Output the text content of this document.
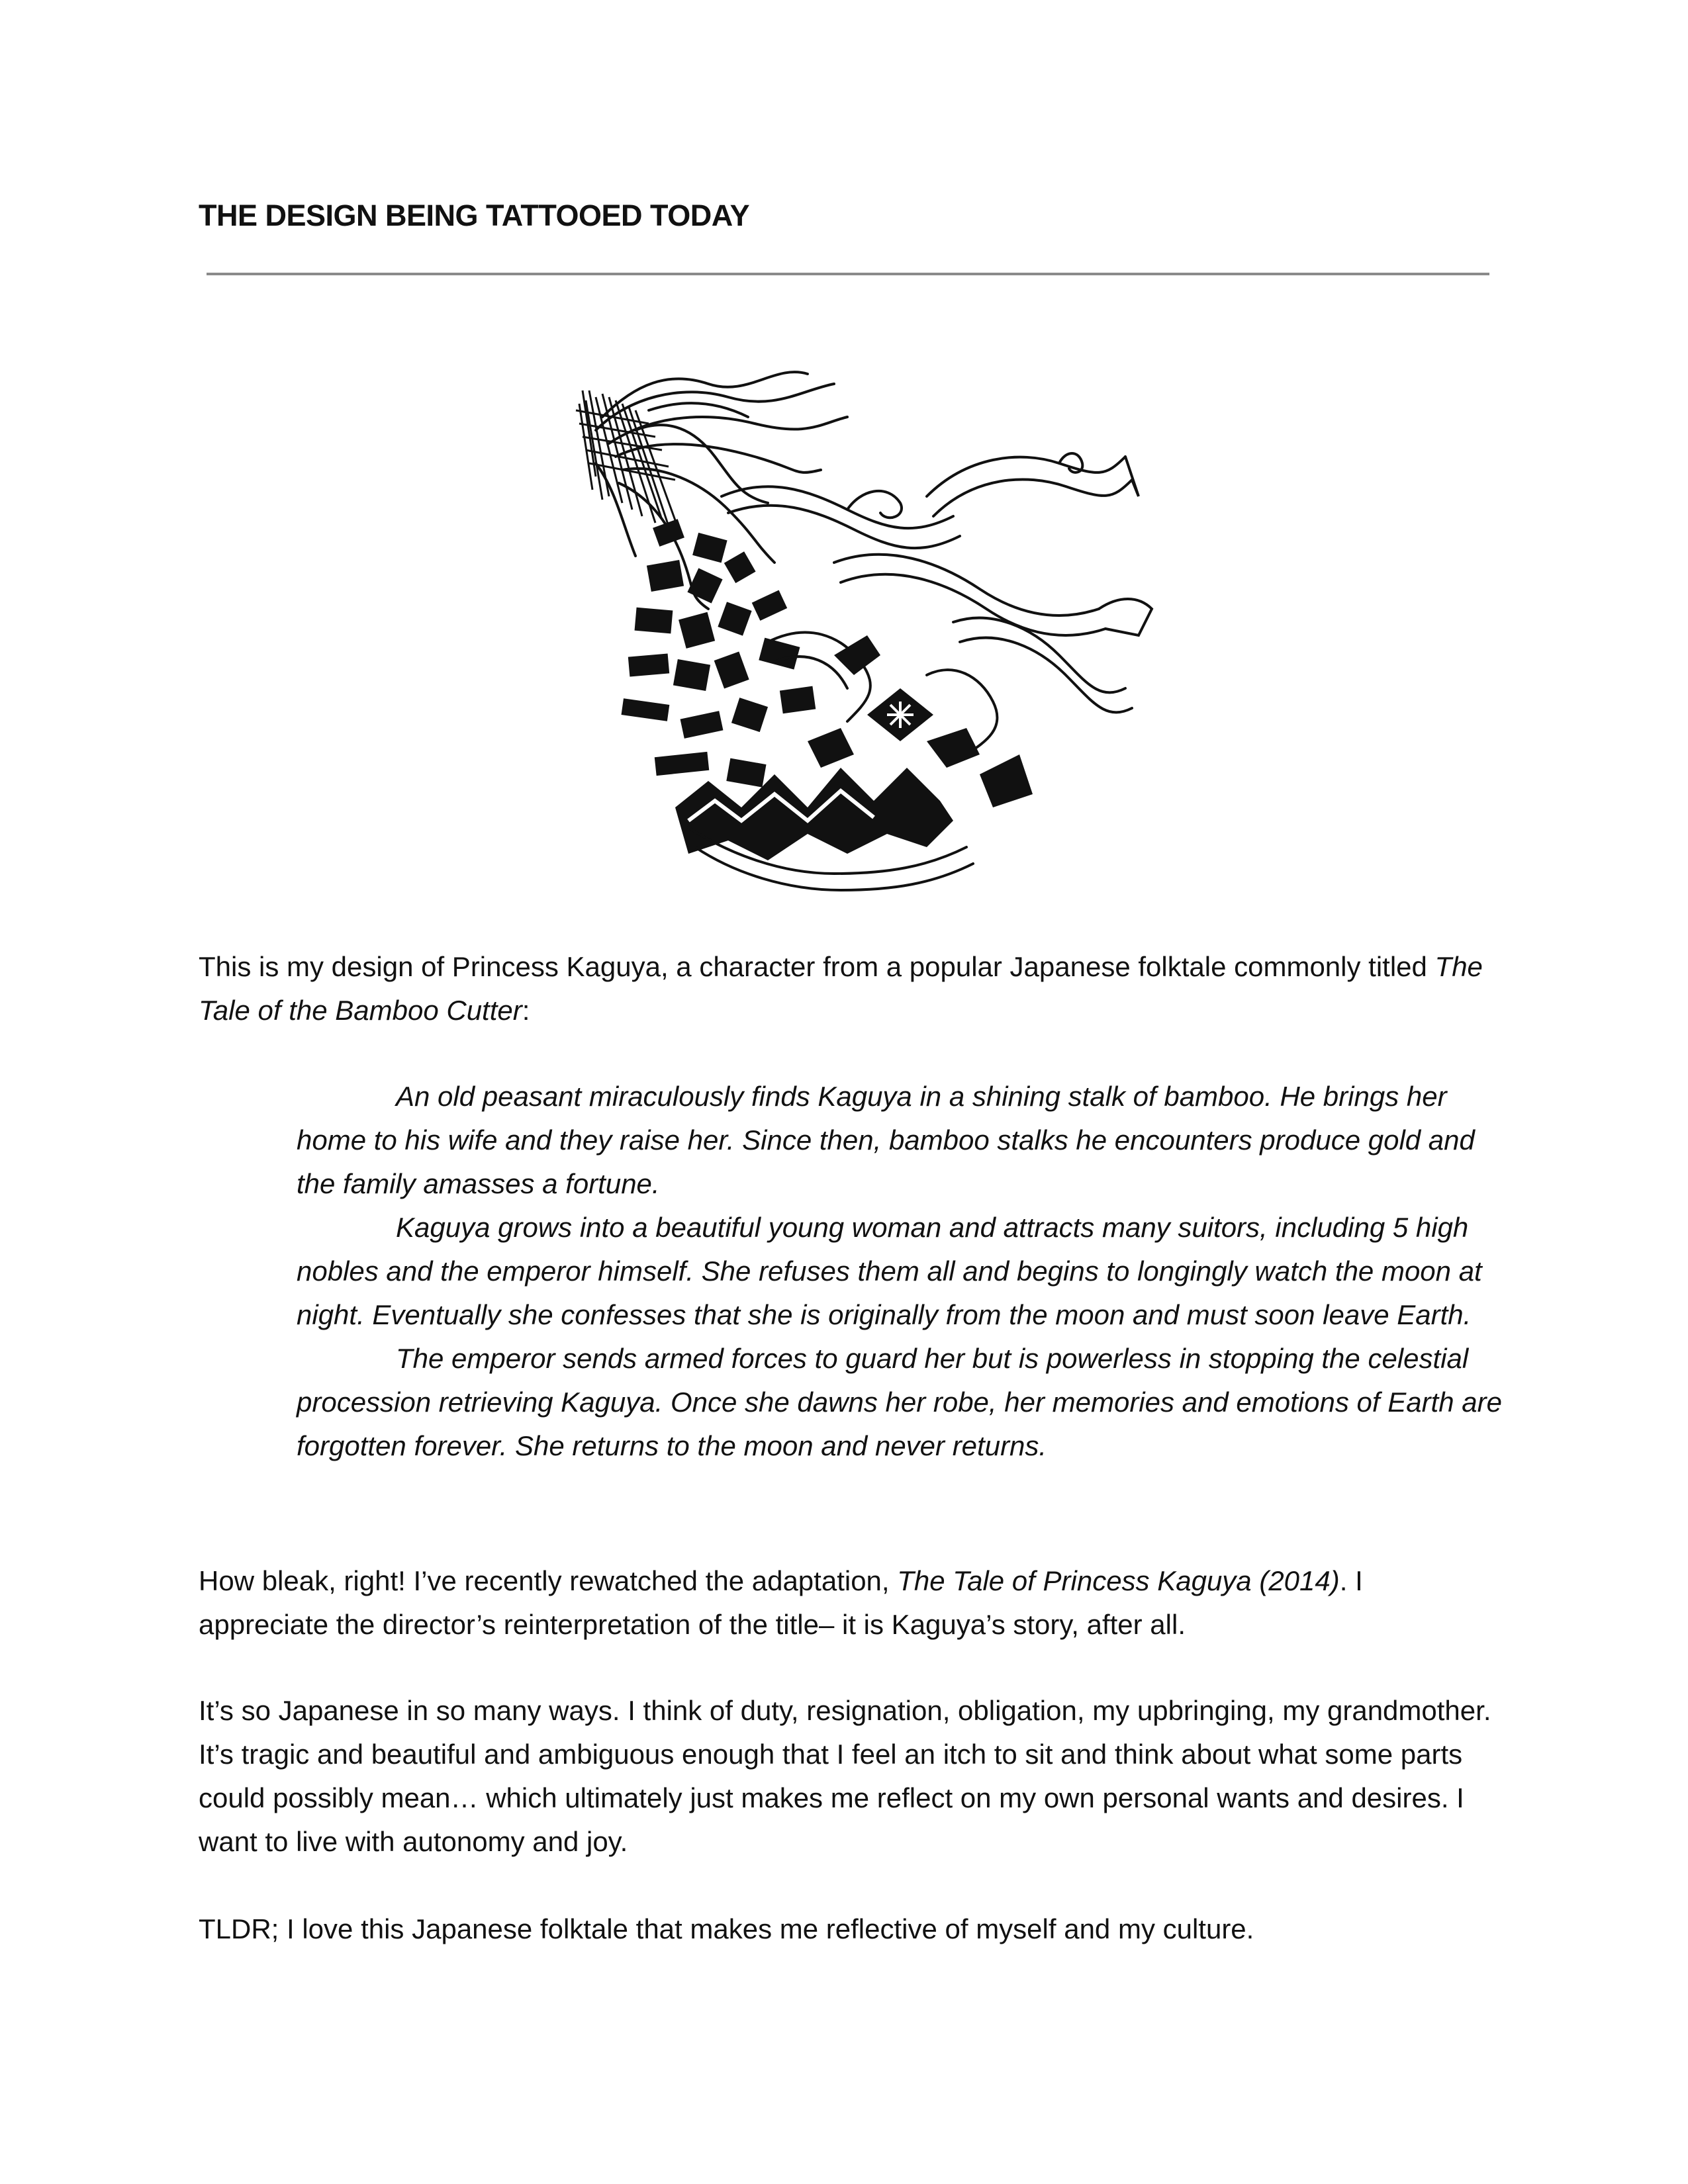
THE DESIGN BEING TATTOOED TODAY

This is my design of Princess Kaguya, a character from a popular Japanese folktale commonly titled The Tale of the Bamboo Cutter:

An old peasant miraculously finds Kaguya in a shining stalk of bamboo. He brings her home to his wife and they raise her. Since then, bamboo stalks he encounters produce gold and the family amasses a fortune.

Kaguya grows into a beautiful young woman and attracts many suitors, including 5 high nobles and the emperor himself. She refuses them all and begins to longingly watch the moon at night. Eventually she confesses that she is originally from the moon and must soon leave Earth.

The emperor sends armed forces to guard her but is powerless in stopping the celestial procession retrieving Kaguya. Once she dawns her robe, her memories and emotions of Earth are forgotten forever. She returns to the moon and never returns.

How bleak, right! I’ve recently rewatched the adaptation, The Tale of Princess Kaguya (2014). I appreciate the director’s reinterpretation of the title– it is Kaguya’s story, after all.

It’s so Japanese in so many ways. I think of duty, resignation, obligation, my upbringing, my grandmother. It’s tragic and beautiful and ambiguous enough that I feel an itch to sit and think about what some parts could possibly mean… which ultimately just makes me reflect on my own personal wants and desires. I want to live with autonomy and joy.

TLDR; I love this Japanese folktale that makes me reflective of myself and my culture.
